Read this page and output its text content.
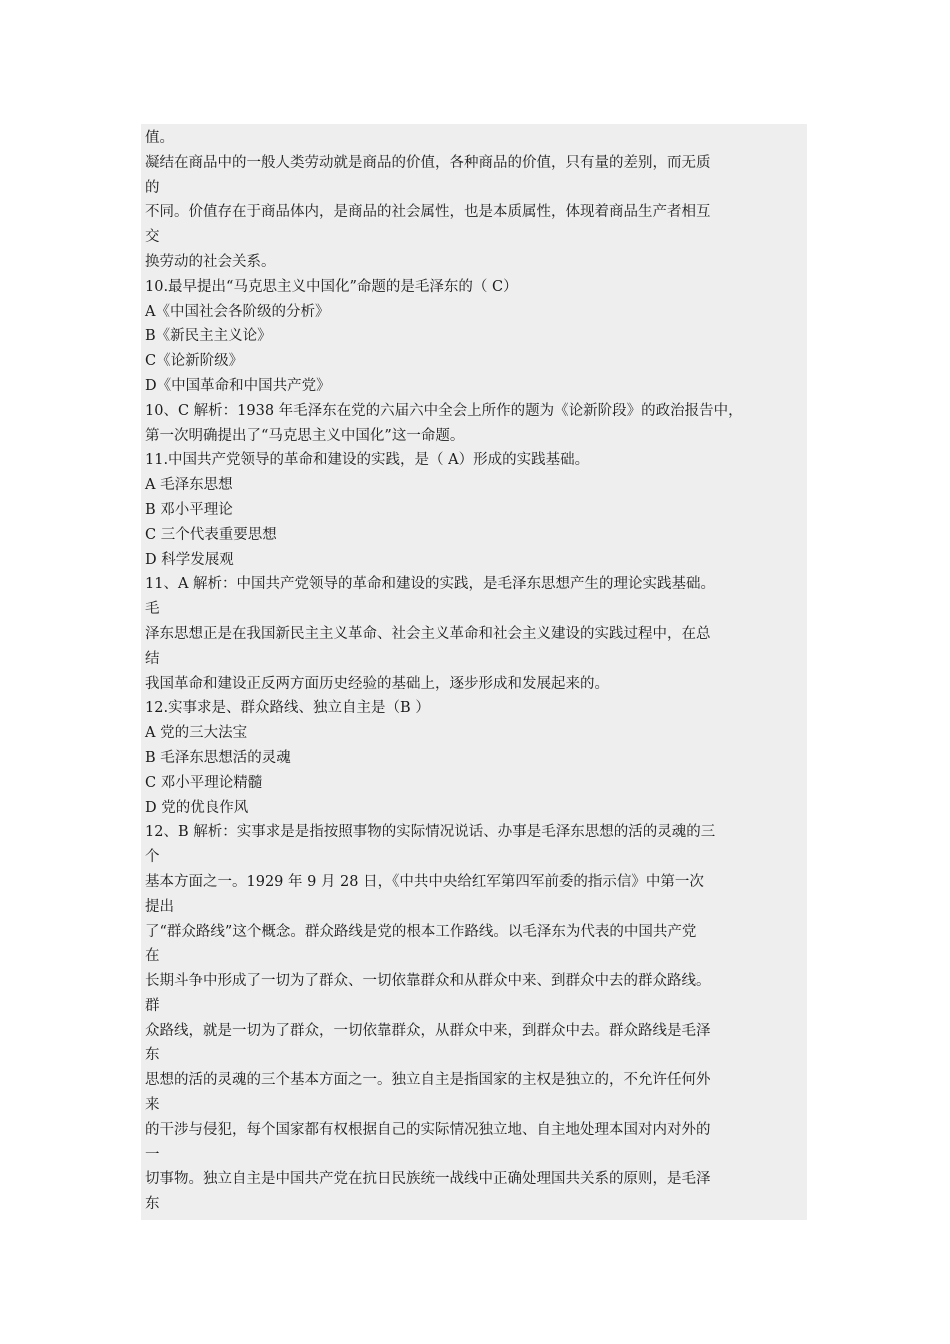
值。
凝结在商品中的一般人类劳动就是商品的价值，各种商品的价值，只有量的差别，而无质
的
不同。价值存在于商品体内，是商品的社会属性，也是本质属性，体现着商品生产者相互
交
换劳动的社会关系。
10.最早提出“马克思主义中国化”命题的是毛泽东的（ C）
A《中国社会各阶级的分析》
B《新民主主义论》
C《论新阶级》
D《中国革命和中国共产党》
10、C 解析：1938 年毛泽东在党的六届六中全会上所作的题为《论新阶段》的政治报告中，
第一次明确提出了“马克思主义中国化”这一命题。
11.中国共产党领导的革命和建设的实践，是（ A）形成的实践基础。
A 毛泽东思想
B 邓小平理论
C 三个代表重要思想
D 科学发展观
11、A 解析：中国共产党领导的革命和建设的实践，是毛泽东思想产生的理论实践基础。
毛
泽东思想正是在我国新民主主义革命、社会主义革命和社会主义建设的实践过程中，在总
结
我国革命和建设正反两方面历史经验的基础上，逐步形成和发展起来的。
12.实事求是、群众路线、独立自主是（B ）
A 党的三大法宝
B 毛泽东思想活的灵魂
C 邓小平理论精髓
D 党的优良作风
12、B 解析：实事求是是指按照事物的实际情况说话、办事是毛泽东思想的活的灵魂的三
个
基本方面之一。1929 年 9 月 28 日，《中共中央给红军第四军前委的指示信》中第一次
提出
了“群众路线”这个概念。群众路线是党的根本工作路线。以毛泽东为代表的中国共产党
在
长期斗争中形成了一切为了群众、一切依靠群众和从群众中来、到群众中去的群众路线。
群
众路线，就是一切为了群众，一切依靠群众，从群众中来，到群众中去。群众路线是毛泽
东
思想的活的灵魂的三个基本方面之一。独立自主是指国家的主权是独立的，不允许任何外
来
的干涉与侵犯，每个国家都有权根据自己的实际情况独立地、自主地处理本国对内对外的
一
切事物。独立自主是中国共产党在抗日民族统一战线中正确处理国共关系的原则，是毛泽
东
